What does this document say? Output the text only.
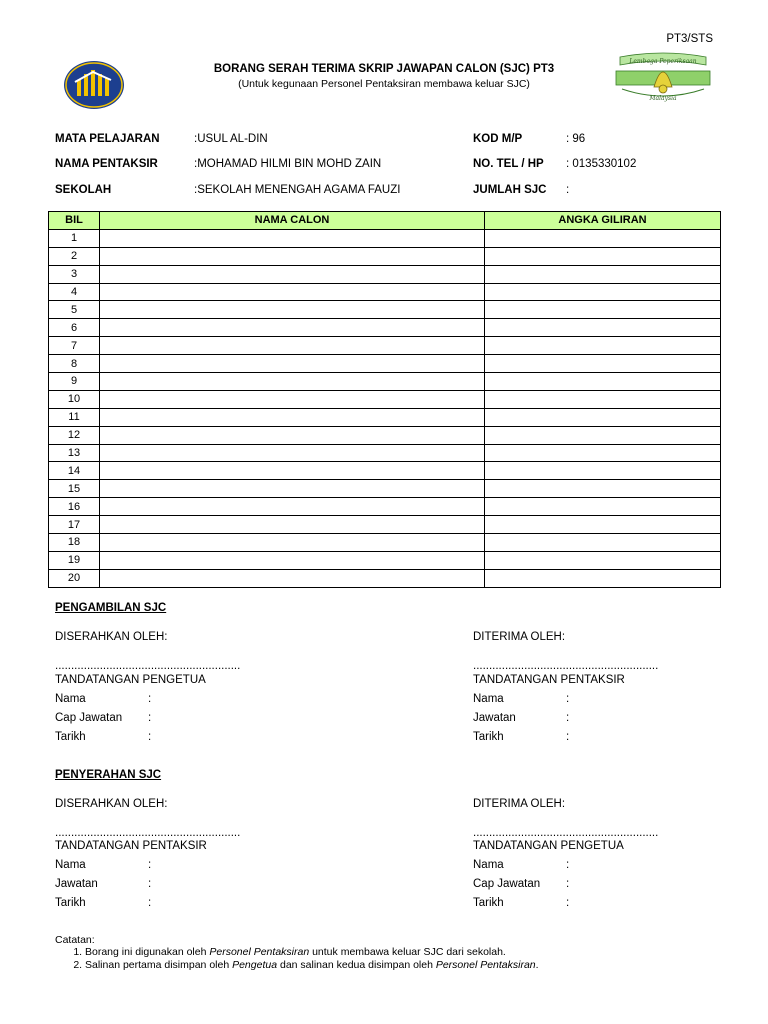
PT3/STS
Lembaga Peperiksaan
Malaysia
BORANG SERAH TERIMA SKRIP JAWAPAN CALON (SJC) PT3
(Untuk kegunaan Personel Pentaksiran membawa keluar SJC)
MATA PELAJARAN	:USUL AL-DIN	KOD M/P	: 96
NAMA PENTAKSIR	:MOHAMAD HILMI BIN MOHD ZAIN	NO. TEL / HP : 0135330102
SEKOLAH	:SEKOLAH MENENGAH AGAMA FAUZI	JUMLAH SJC :
BIL	NAMA CALON	ANGKA GILIRAN
1		
2		
3		
4		
5		
6		
7		
8		
9		
10		
11		
12		
13		
14		
15		
16		
17		
18		
19		
20		
PENGAMBILAN SJC
DISERAHKAN OLEH:	DITERIMA OLEH:
..........................................................	..........................................................
TANDATANGAN PENGETUA	TANDATANGAN PENTAKSIR
Nama	:
Cap Jawatan :
Tarikh	:
Nama	:
Jawatan	:
Tarikh	:
PENYERAHAN SJC
DISERAHKAN OLEH:	DITERIMA OLEH:
..........................................................	..........................................................
TANDATANGAN PENTAKSIR	TANDATANGAN PENGETUA
Nama	:
Jawatan	:
Tarikh	:
Nama	:
Cap Jawatan :
Tarikh	:
Catatan:
1. Borang ini digunakan oleh Personel Pentaksiran untuk membawa keluar SJC dari sekolah.
2. Salinan pertama disimpan oleh Pengetua dan salinan kedua disimpan oleh Personel Pentaksiran.
